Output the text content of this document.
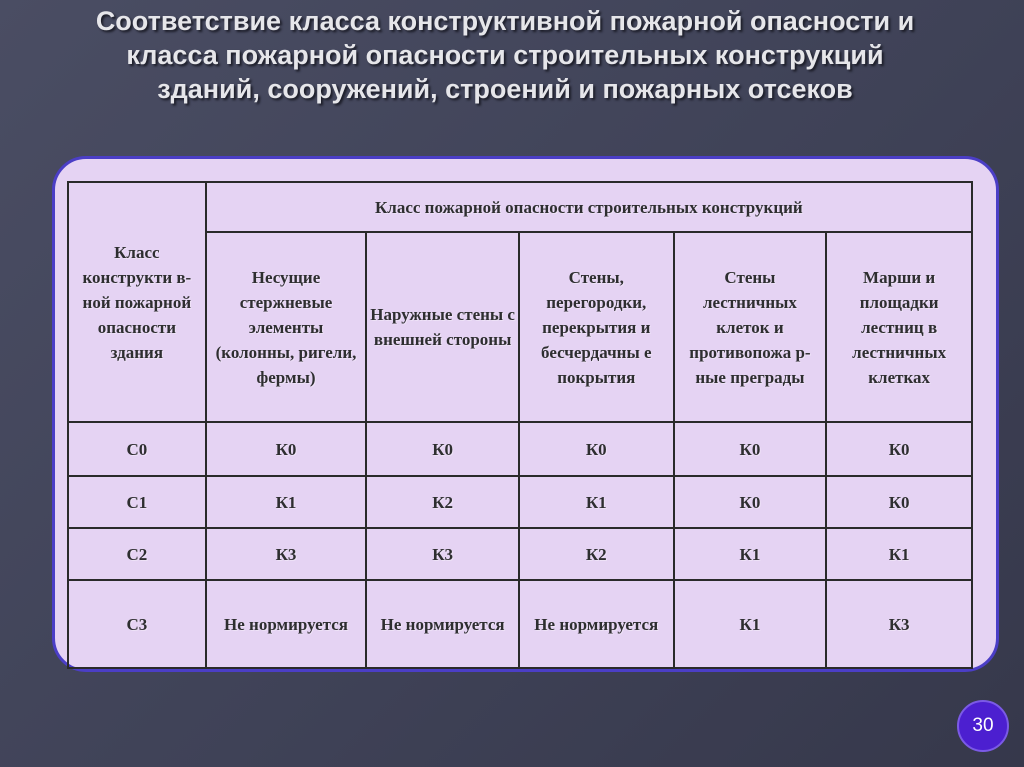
Соответствие класса конструктивной пожарной опасности и класса пожарной опасности строительных конструкций зданий, сооружений, строений и пожарных отсеков
Класс конструкти в- ной пожарной опасности здания	Класс пожарной опасности строительных конструкций				
	Несущие стержневые элементы (колонны, ригели, фермы)	Наружные стены с внешней стороны	Стены, перегородки, перекрытия и бесчердачны е покрытия	Стены лестничных клеток и противопожа р- ные преграды	Марши и площадки лестниц в лестничных клетках
С0	К0	К0	К0	К0	К0
С1	К1	К2	К1	К0	К0
С2	К3	К3	К2	К1	К1
С3	Не нормируется	Не нормируется	Не нормируется	К1	К3
30
